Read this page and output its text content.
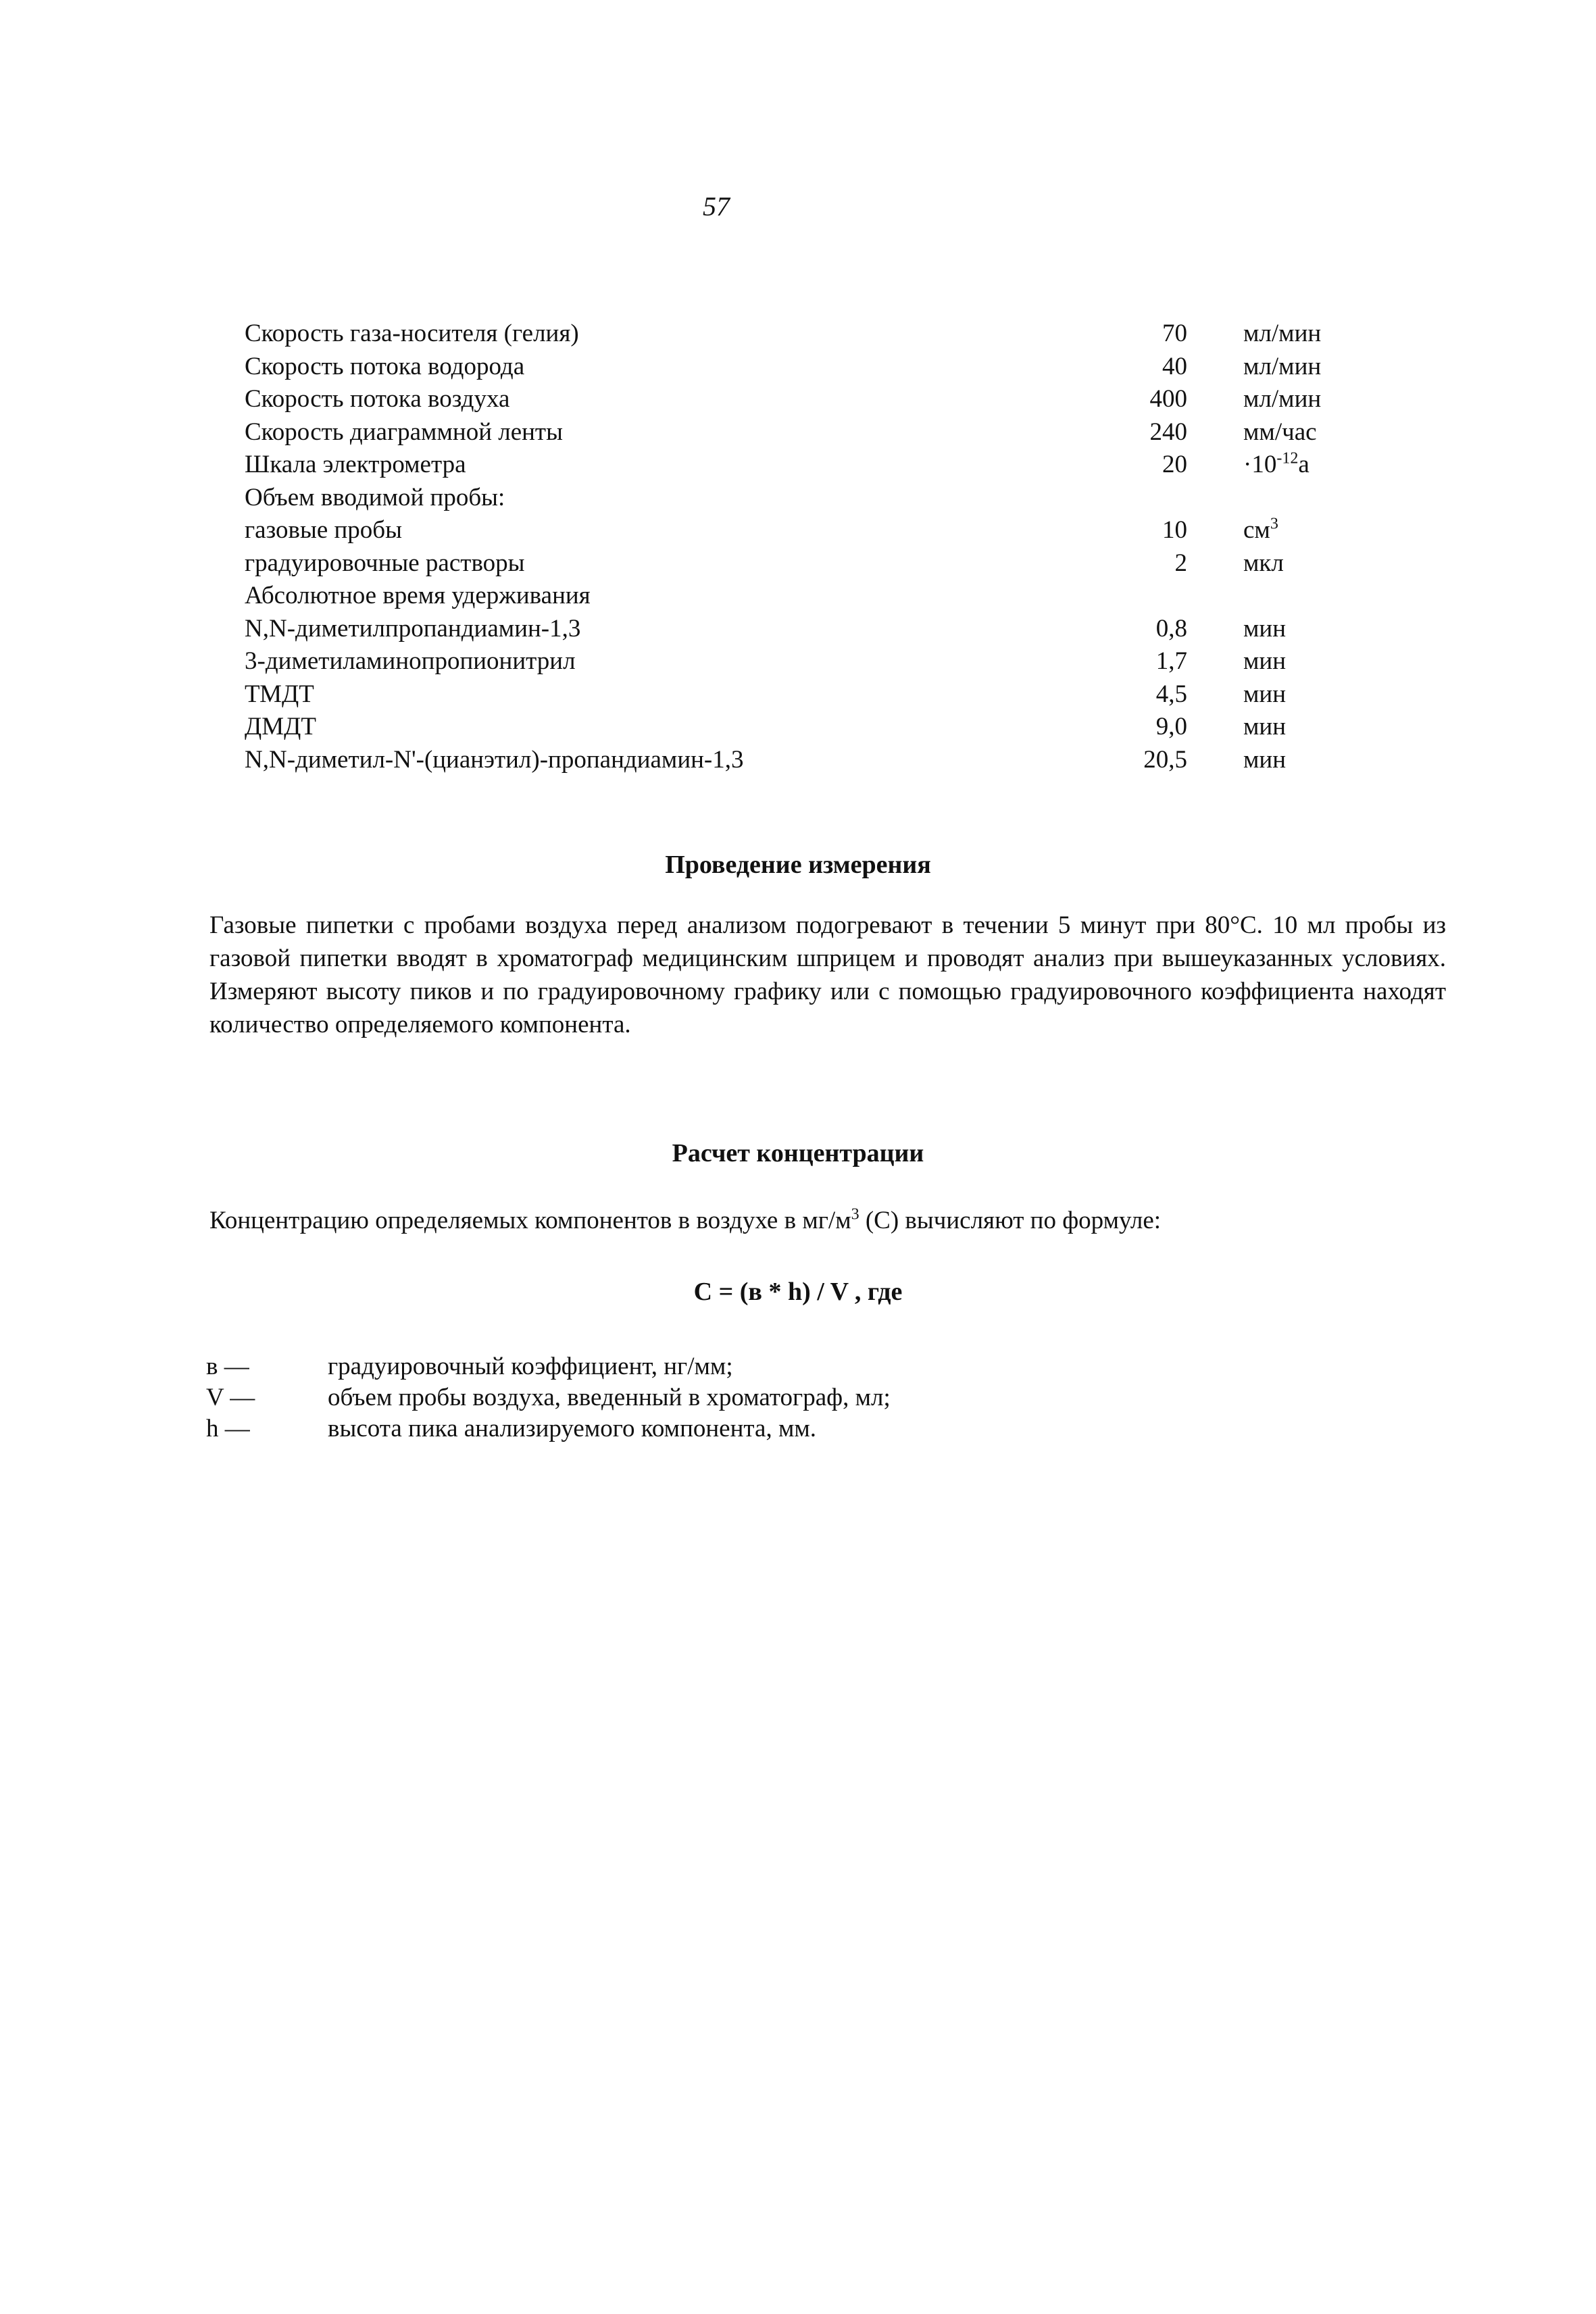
57
Скорость газа-носителя (гелия)	70 мл/мин
Скорость потока водорода	40 мл/мин
Скорость потока воздуха	400 мл/мин
Скорость диаграммной ленты	240 мм/час
Шкала электрометра	$20 \cdot 10^{-12}а$
Объем вводимой пробы:
газовые пробы	10 $см^3$
градуировочные растворы	2 мкл
Абсолютное время удерживания
N,N-диметилпропандиамин-1,3	0,8 мин
3-диметиламинопропионитрил	1,7 мин
ТМДТ	4,5 мин
ДМДТ	9,0 мин
N,N-диметил-N'-(цианэтил)-пропандиамин-1,3	20,5 мин
Проведение измерения
Газовые пипетки с пробами воздуха перед анализом подогревают в течении 5 минут при 80°С. 10 мл пробы из газовой пипетки вводят в хроматограф медицинским шприцем и проводят анализ при вышеуказанных условиях. Измеряют высоту пиков и по градуировочному графику или с помощью градуировочного коэффициента находят количество определяемого компонента.
Расчет концентрации
Концентрацию определяемых компонентов в воздухе в $мг/м^3$ (С) вычисляют по формуле:
C = (в * h) / V , где
в —	градуировочный коэффициент, нг/мм;
V —	объем пробы воздуха, введенный в хроматограф, мл;
h —	высота пика анализируемого компонента, мм.
